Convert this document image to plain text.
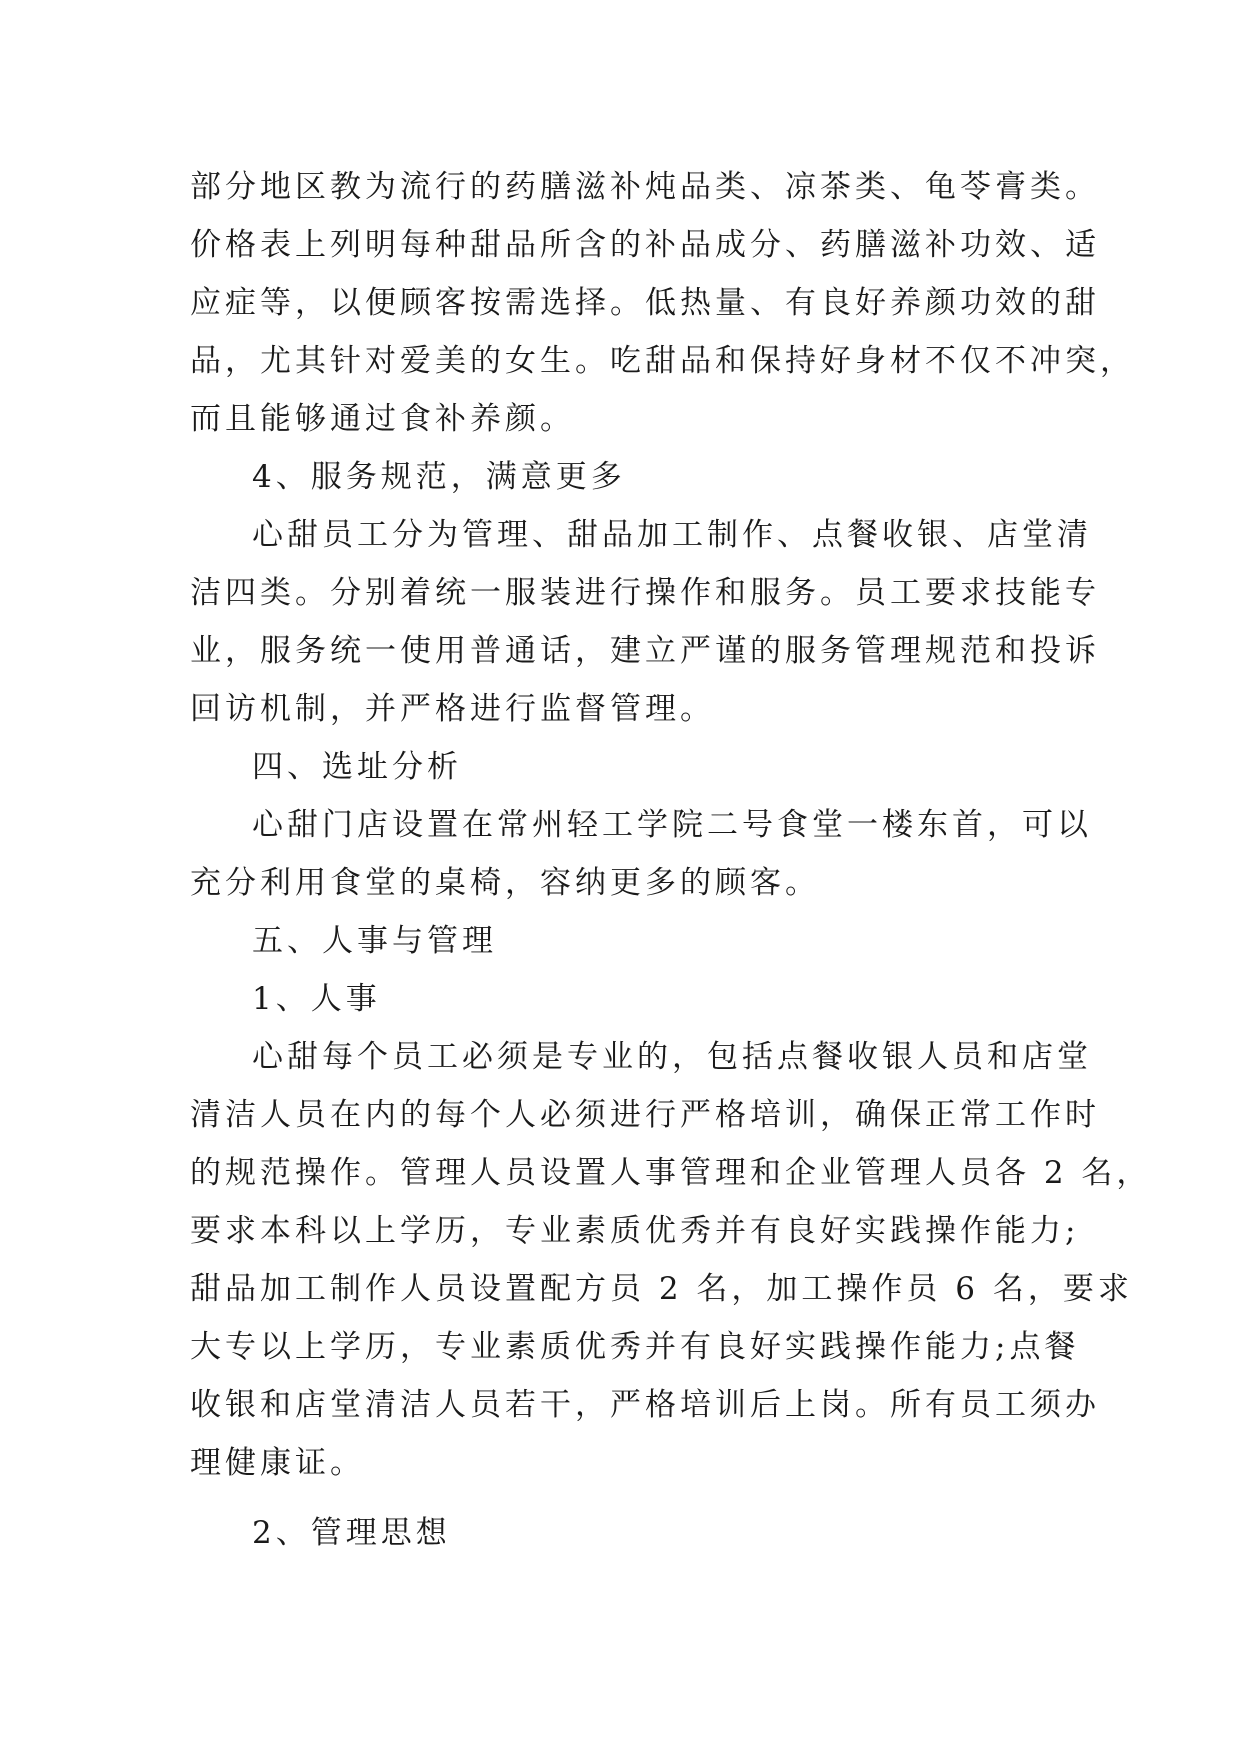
部分地区教为流行的药膳滋补炖品类、凉茶类、龟苓膏类。
价格表上列明每种甜品所含的补品成分、药膳滋补功效、适
应症等，以便顾客按需选择。低热量、有良好养颜功效的甜
品，尤其针对爱美的女生。吃甜品和保持好身材不仅不冲突，
而且能够通过食补养颜。
4、服务规范，满意更多
心甜员工分为管理、甜品加工制作、点餐收银、店堂清
洁四类。分别着统一服装进行操作和服务。员工要求技能专
业，服务统一使用普通话，建立严谨的服务管理规范和投诉
回访机制，并严格进行监督管理。
四、选址分析
心甜门店设置在常州轻工学院二号食堂一楼东首，可以
充分利用食堂的桌椅，容纳更多的顾客。
五、人事与管理
1、人事
心甜每个员工必须是专业的，包括点餐收银人员和店堂
清洁人员在内的每个人必须进行严格培训，确保正常工作时
的规范操作。管理人员设置人事管理和企业管理人员各 2 名，
要求本科以上学历，专业素质优秀并有良好实践操作能力;
甜品加工制作人员设置配方员 2 名，加工操作员 6 名，要求
大专以上学历，专业素质优秀并有良好实践操作能力;点餐
收银和店堂清洁人员若干，严格培训后上岗。所有员工须办
理健康证。
2、管理思想
